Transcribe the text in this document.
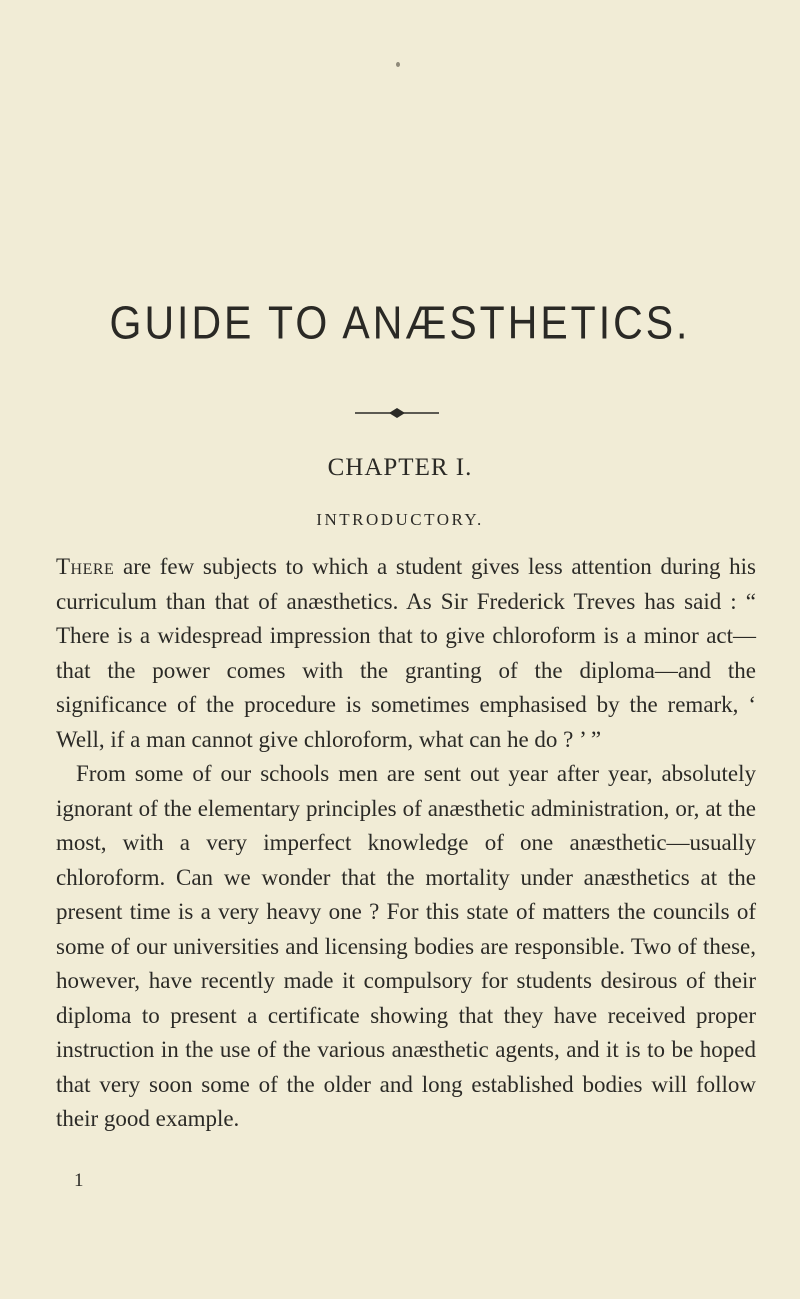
GUIDE TO ANÆSTHETICS.
CHAPTER I.
INTRODUCTORY.

There are few subjects to which a student gives less attention during his curriculum than that of anæsthetics. As Sir Frederick Treves has said : “ There is a widespread impression that to give chloroform is a minor act—that the power comes with the granting of the diploma—and the significance of the procedure is sometimes emphasised by the remark, ‘ Well, if a man cannot give chloroform, what can he do ? ’ ”

From some of our schools men are sent out year after year, absolutely ignorant of the elementary principles of anæsthetic administration, or, at the most, with a very imperfect knowledge of one anæsthetic—usually chloroform. Can we wonder that the mortality under anæsthetics at the present time is a very heavy one ? For this state of matters the councils of some of our universities and licensing bodies are responsible. Two of these, however, have recently made it compulsory for students desirous of their diploma to present a certificate showing that they have received proper instruction in the use of the various anæsthetic agents, and it is to be hoped that very soon some of the older and long established bodies will follow their good example.

1
